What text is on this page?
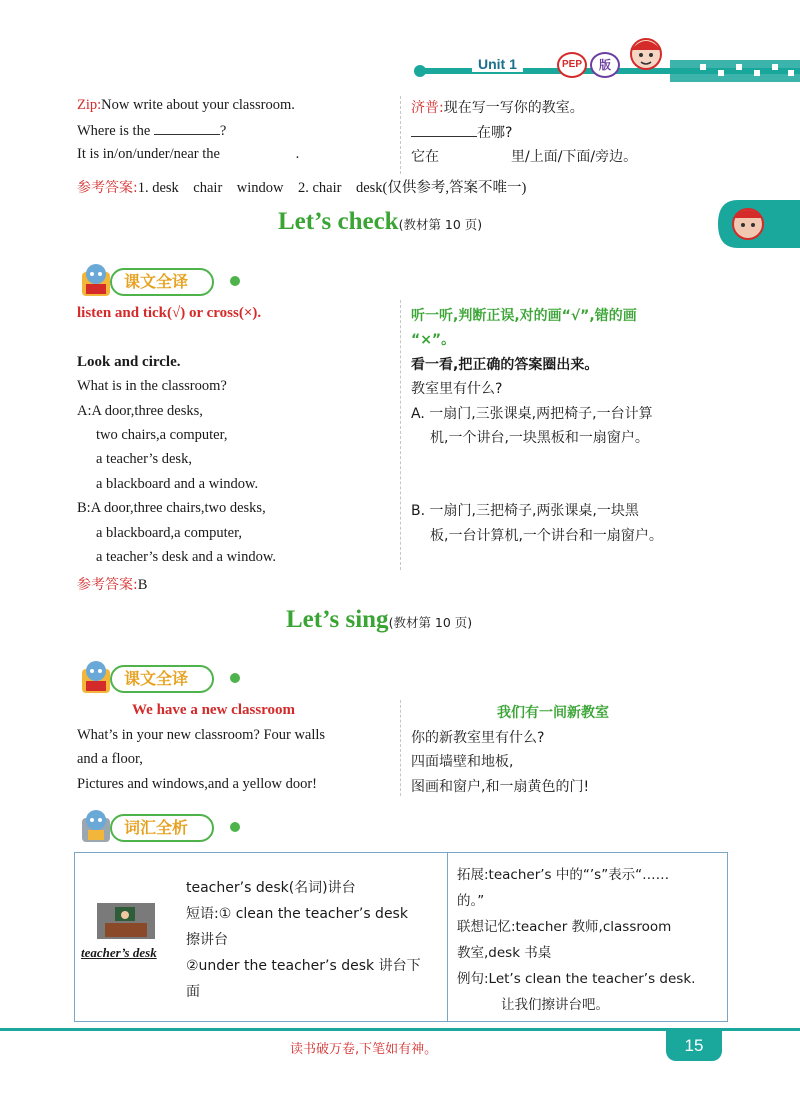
Unit 1	PEP	版
Zip:Now write about your classroom.
Where is the	?
It is in/on/under/near the	.
济普:现在写一写你的教室。
在哪?
它在	里/上面/下面/旁边。
参考答案:1. desk    chair    window    2. chair    desk(仅供参考,答案不唯一)
Let’s check(教材第 10 页)
课文全译
listen and tick(√) or cross(×).	听一听,判断正误,对的画“√”,错的画
“×”。
Look and circle.	看一看,把正确的答案圈出来。
What is in the classroom?
A:A door,three desks,
two chairs,a computer,
a teacher’s desk,
a blackboard and a window.
B:A door,three chairs,two desks,
a blackboard,a computer,
a teacher’s desk and a window.
教室里有什么?
A. 一扇门,三张课桌,两把椅子,一台计算
机,一个讲台,一块黑板和一扇窗户。
B. 一扇门,三把椅子,两张课桌,一块黑
板,一台计算机,一个讲台和一扇窗户。
参考答案:B
Let’s sing(教材第 10 页)
课文全译
We have a new classroom	我们有一间新教室
What’s in your new classroom? Four walls
and a floor,
Pictures and windows,and a yellow door!
你的新教室里有什么?
四面墙壁和地板,
图画和窗户,和一扇黄色的门!
词汇全析
teacher’s desk
teacher’s desk(名词)讲台
短语:① clean the teacher’s desk
擦讲台
②under the teacher’s desk 讲台下
面
拓展:teacher’s 中的“’s”表示“……
的。”
联想记忆:teacher 教师,classroom
教室,desk 书桌
例句:Let’s clean the teacher’s desk.
让我们擦讲台吧。
读书破万卷,下笔如有神。	15
